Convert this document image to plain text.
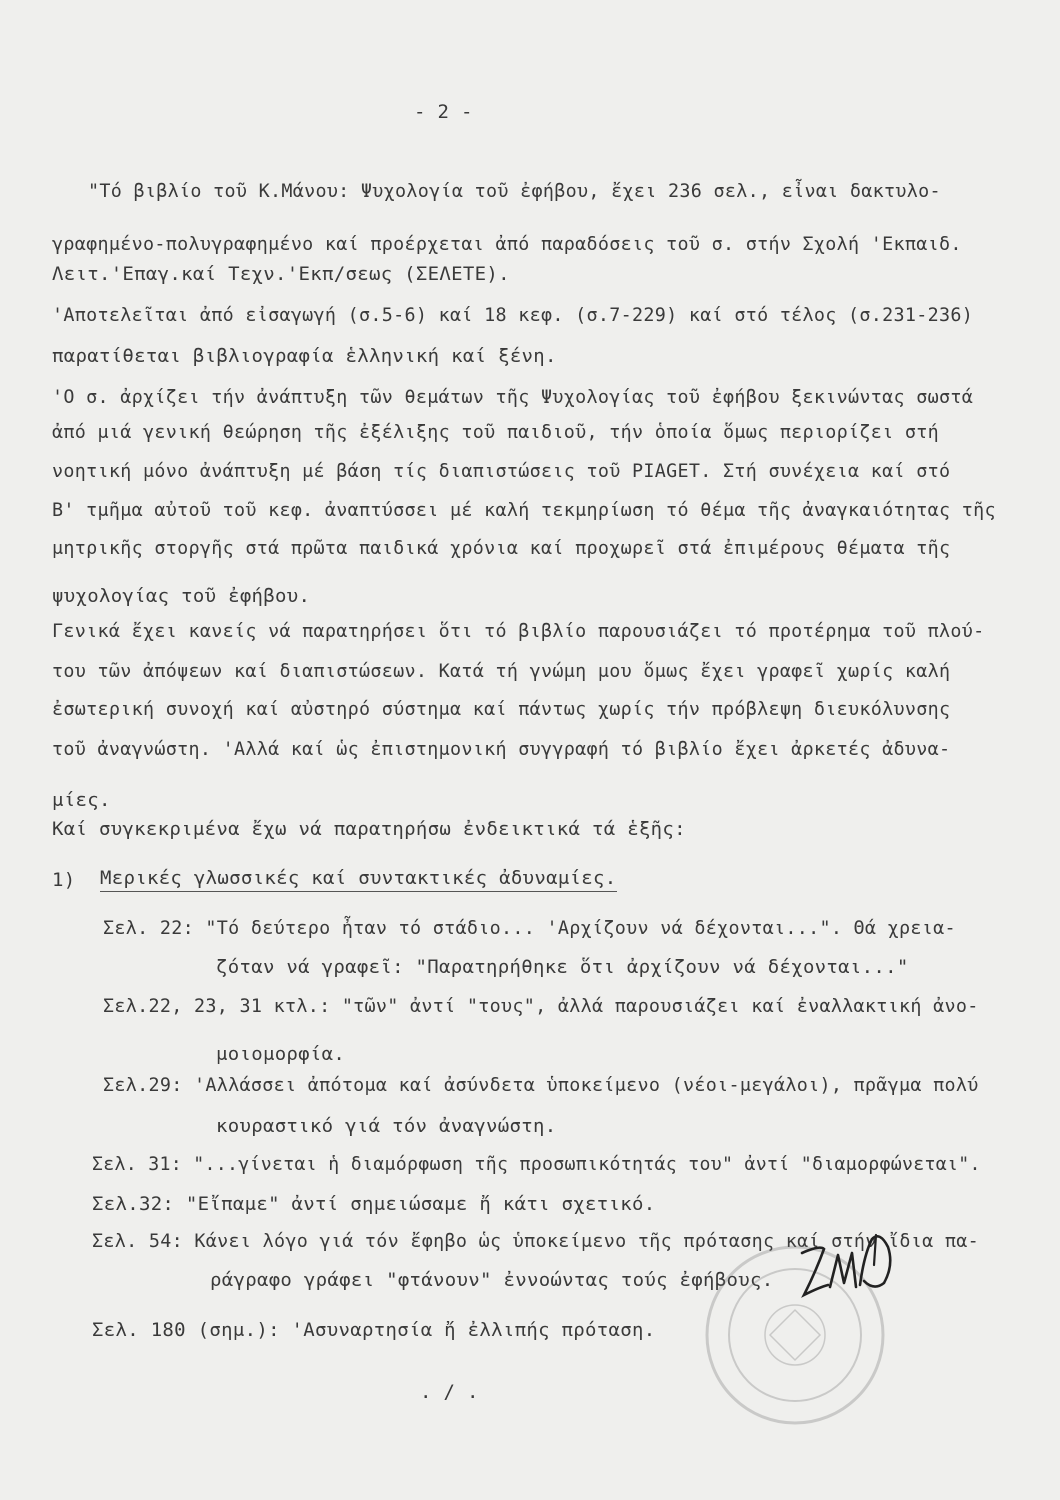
- 2 -
"Τό βιβλίο τοῦ Κ.Μάνου: Ψυχολογία τοῦ ἐφήβου, ἔχει 236 σελ., εἶναι δακτυλο-
γραφημένο-πολυγραφημένο καί προέρχεται ἀπό παραδόσεις τοῦ σ. στήν Σχολή 'Εκπαιδ.
Λειτ.'Επαγ.καί Τεχν.'Εκπ/σεως (ΣΕΛΕΤΕ).
'Αποτελεῖται ἀπό εἰσαγωγή (σ.5-6) καί 18 κεφ. (σ.7-229) καί στό τέλος (σ.231-236)
παρατίθεται βιβλιογραφία ἑλληνική καί ξένη.
'Ο σ. ἀρχίζει τήν ἀνάπτυξη τῶν θεμάτων τῆς Ψυχολογίας τοῦ ἐφήβου ξεκινώντας σωστά
ἀπό μιά γενική θεώρηση τῆς ἐξέλιξης τοῦ παιδιοῦ, τήν ὁποία ὅμως περιορίζει στή
νοητική μόνο ἀνάπτυξη μέ βάση τίς διαπιστώσεις τοῦ PIAGET. Στή συνέχεια καί στό
Β' τμῆμα αὐτοῦ τοῦ κεφ. ἀναπτύσσει μέ καλή τεκμηρίωση τό θέμα τῆς ἀναγκαιότητας τῆς
μητρικῆς στοργῆς στά πρῶτα παιδικά χρόνια καί προχωρεῖ στά ἐπιμέρους θέματα τῆς
ψυχολογίας τοῦ ἐφήβου.
Γενικά ἔχει κανείς νά παρατηρήσει ὅτι τό βιβλίο παρουσιάζει τό προτέρημα τοῦ πλού-
του τῶν ἀπόψεων καί διαπιστώσεων. Κατά τή γνώμη μου ὅμως ἔχει γραφεῖ χωρίς καλή
ἐσωτερική συνοχή καί αὐστηρό σύστημα καί πάντως χωρίς τήν πρόβλεψη διευκόλυνσης
τοῦ ἀναγνώστη. 'Αλλά καί ὡς ἐπιστημονική συγγραφή τό βιβλίο ἔχει ἀρκετές ἀδυνα-
μίες.
Καί συγκεκριμένα ἔχω νά παρατηρήσω ἐνδεικτικά τά ἑξῆς:
1) Μερικές γλωσσικές καί συντακτικές ἀδυναμίες.
Σελ. 22: "Τό δεύτερο ἦταν τό στάδιο... 'Αρχίζουν νά δέχονται...". Θά χρεια-
ζόταν νά γραφεῖ: "Παρατηρήθηκε ὅτι ἀρχίζουν νά δέχονται..."
Σελ.22, 23, 31 κτλ.: "τῶν" ἀντί "τους", ἀλλά παρουσιάζει καί ἐναλλακτική ἀνο-
μοιομορφία.
Σελ.29: 'Αλλάσσει ἀπότομα καί ἀσύνδετα ὑποκείμενο (νέοι-μεγάλοι), πρᾶγμα πολύ
κουραστικό γιά τόν ἀναγνώστη.
Σελ. 31: "...γίνεται ἡ διαμόρφωση τῆς προσωπικότητάς του" ἀντί "διαμορφώνεται".
Σελ.32: "Εἴπαμε" ἀντί σημειώσαμε ἤ κάτι σχετικό.
Σελ. 54: Κάνει λόγο γιά τόν ἔφηβο ὡς ὑποκείμενο τῆς πρότασης καί στήν ἴδια πα-
ράγραφο γράφει "φτάνουν" ἐννοώντας τούς ἐφήβους.
Σελ. 180 (σημ.): 'Ασυναρτησία ἤ ἐλλιπής πρόταση.
. / .
